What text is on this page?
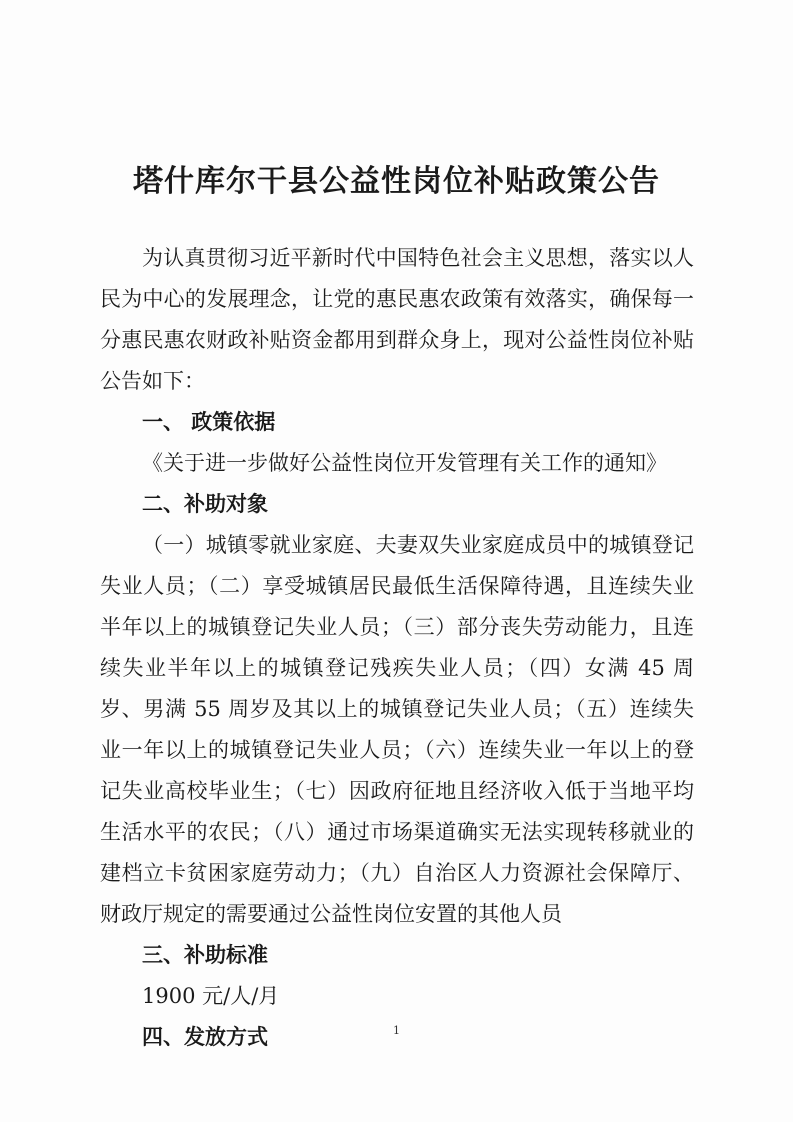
塔什库尔干县公益性岗位补贴政策公告

为认真贯彻习近平新时代中国特色社会主义思想，落实以人民为中心的发展理念，让党的惠民惠农政策有效落实，确保每一分惠民惠农财政补贴资金都用到群众身上，现对公益性岗位补贴公告如下：

一、 政策依据

《关于进一步做好公益性岗位开发管理有关工作的通知》

二、补助对象

（一）城镇零就业家庭、夫妻双失业家庭成员中的城镇登记失业人员；（二）享受城镇居民最低生活保障待遇，且连续失业半年以上的城镇登记失业人员；（三）部分丧失劳动能力，且连续失业半年以上的城镇登记残疾失业人员；（四）女满 45 周岁、男满 55 周岁及其以上的城镇登记失业人员；（五）连续失业一年以上的城镇登记失业人员；（六）连续失业一年以上的登记失业高校毕业生；（七）因政府征地且经济收入低于当地平均生活水平的农民；（八）通过市场渠道确实无法实现转移就业的建档立卡贫困家庭劳动力；（九）自治区人力资源社会保障厅、财政厅规定的需要通过公益性岗位安置的其他人员

三、补助标准

1900 元/人/月

四、发放方式	1
